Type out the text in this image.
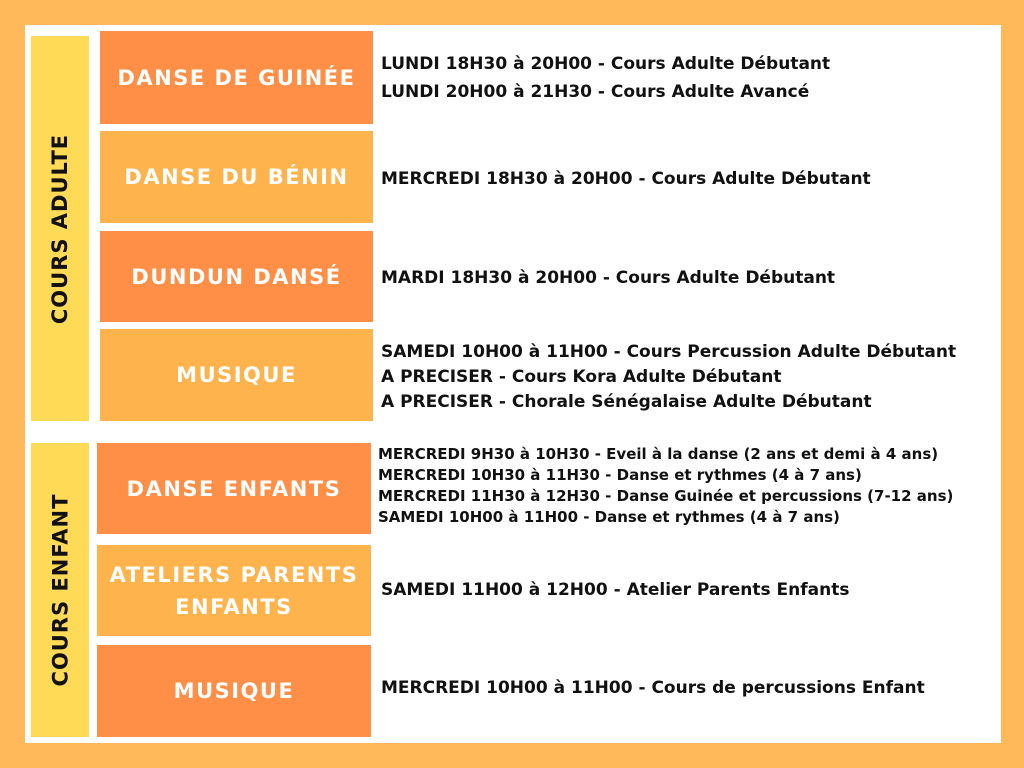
COURS ADULTE
DANSE DE GUINÉE
LUNDI 18H30 à 20H00 - Cours Adulte Débutant
LUNDI 20H00 à 21H30 - Cours Adulte Avancé
DANSE DU BÉNIN MERCREDI 18H30 à 20H00 - Cours Adulte Débutant
DUNDUN DANSÉ MARDI 18H30 à 20H00 - Cours Adulte Débutant
MUSIQUE
SAMEDI 10H00 à 11H00 - Cours Percussion Adulte Débutant
A PRECISER - Cours Kora Adulte Débutant
A PRECISER - Chorale Sénégalaise Adulte Débutant
COURS ENFANT
DANSE ENFANTS
MERCREDI 9H30 à 10H30 - Eveil à la danse (2 ans et demi à 4 ans)
MERCREDI 10H30 à 11H30 - Danse et rythmes (4 à 7 ans)
MERCREDI 11H30 à 12H30 - Danse Guinée et percussions (7-12 ans)
SAMEDI 10H00 à 11H00 - Danse et rythmes (4 à 7 ans)
ATELIERS PARENTS
ENFANTS
SAMEDI 11H00 à 12H00 - Atelier Parents Enfants
MUSIQUE	MERCREDI 10H00 à 11H00 - Cours de percussions Enfant
